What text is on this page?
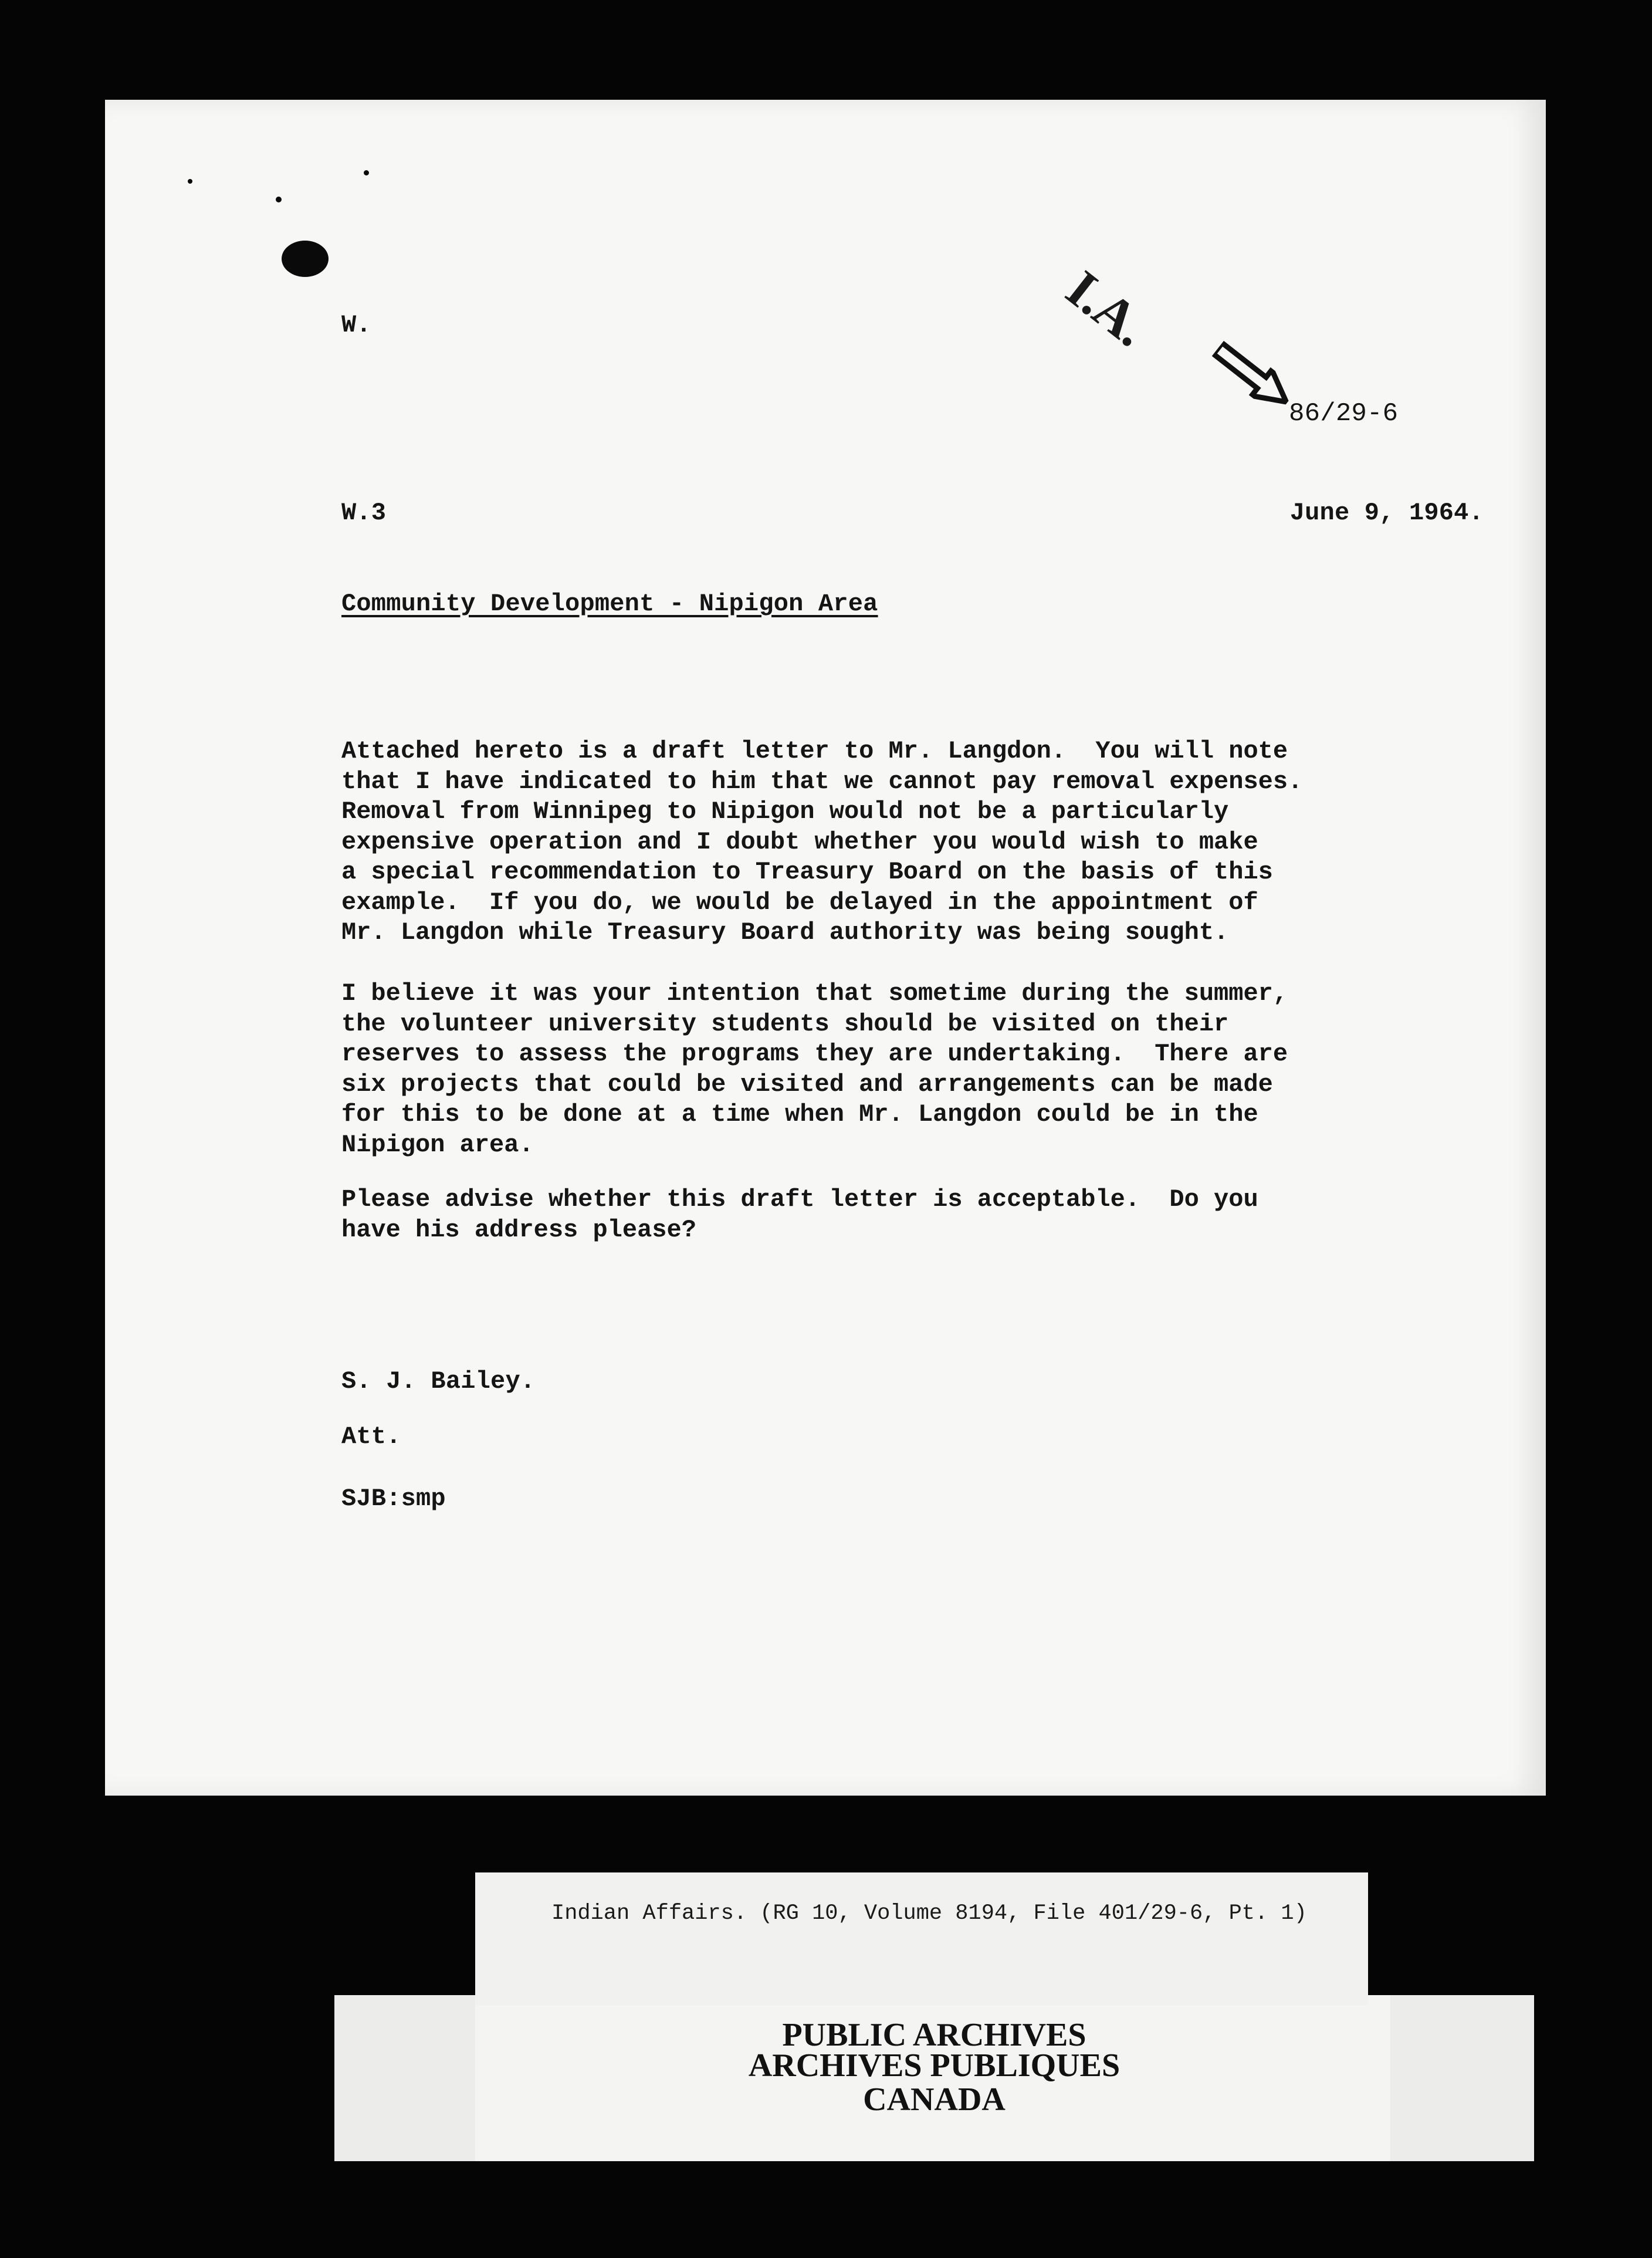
W.	I.A.
86/29-6
W.3	June 9, 1964.
Community Development - Nipigon Area
Attached hereto is a draft letter to Mr. Langdon.  You will note
that I have indicated to him that we cannot pay removal expenses.
Removal from Winnipeg to Nipigon would not be a particularly
expensive operation and I doubt whether you would wish to make
a special recommendation to Treasury Board on the basis of this
example.  If you do, we would be delayed in the appointment of
Mr. Langdon while Treasury Board authority was being sought.
I believe it was your intention that sometime during the summer,
the volunteer university students should be visited on their
reserves to assess the programs they are undertaking.  There are
six projects that could be visited and arrangements can be made
for this to be done at a time when Mr. Langdon could be in the
Nipigon area.
Please advise whether this draft letter is acceptable.  Do you
have his address please?
S. J. Bailey.
Att.
SJB:smp
Indian Affairs. (RG 10, Volume 8194, File 401/29-6, Pt. 1)
PUBLIC ARCHIVES
ARCHIVES PUBLIQUES
CANADA
